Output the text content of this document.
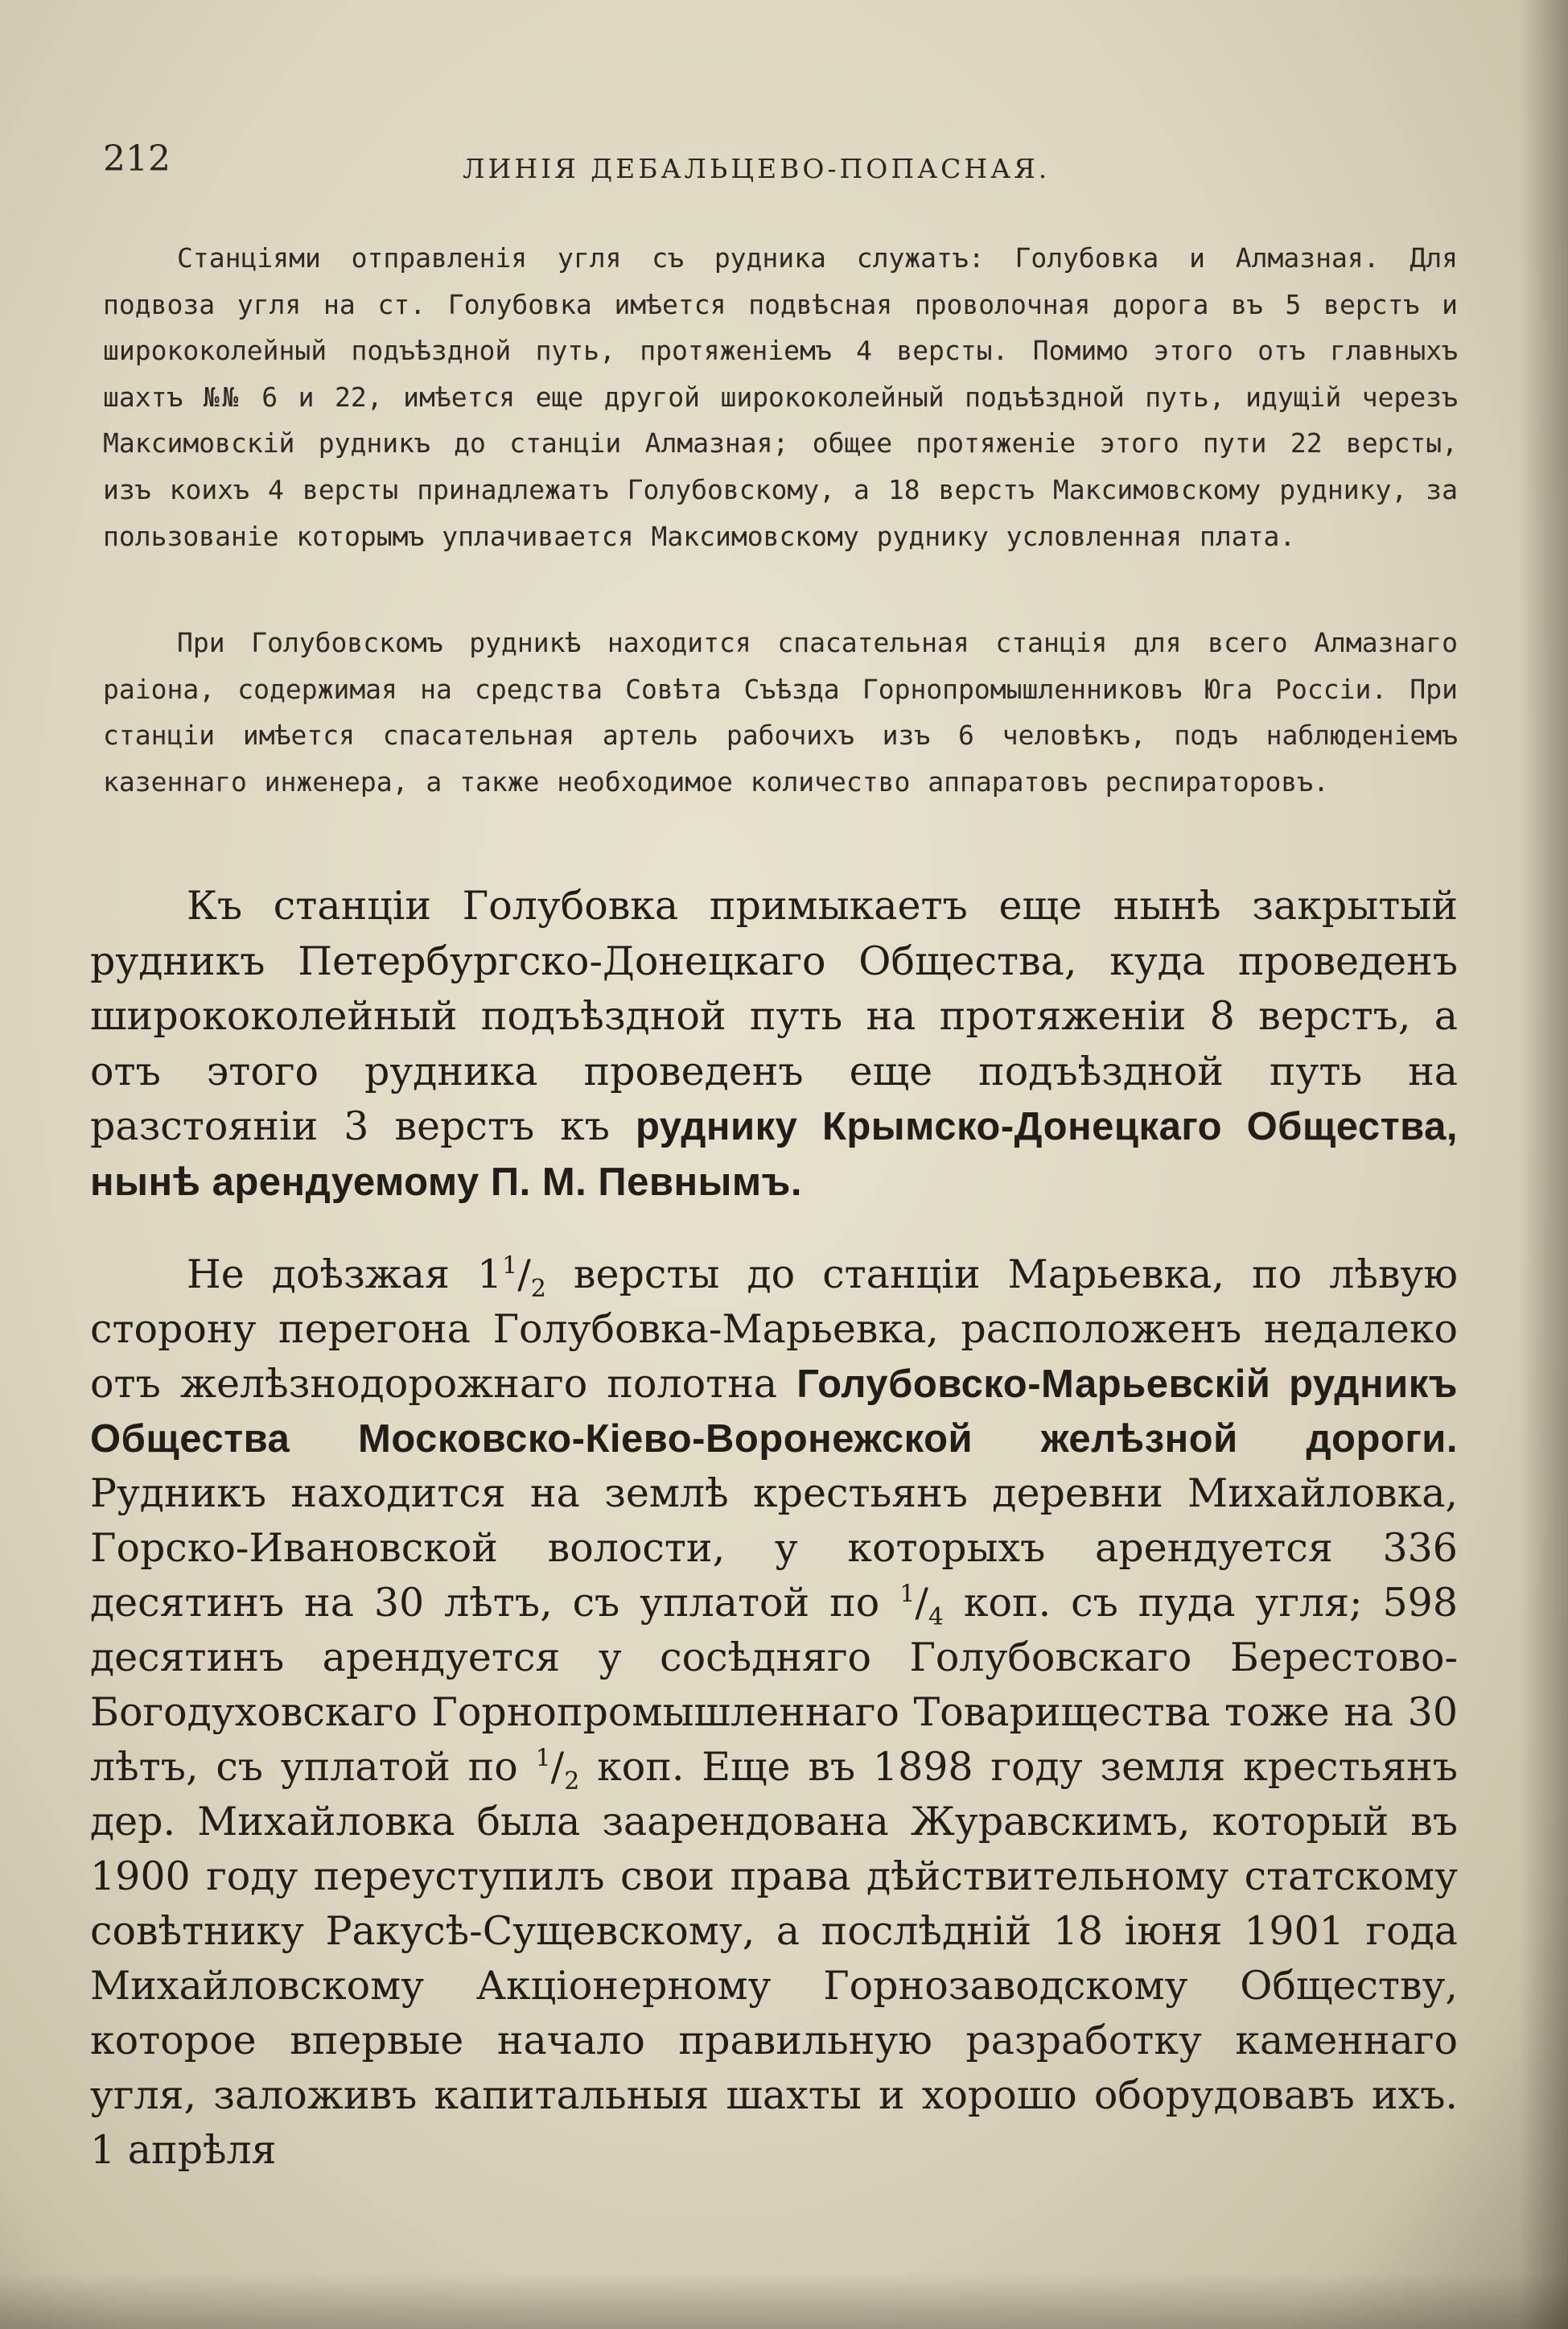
212	ЛИНІЯ ДЕБАЛЬЦЕВО-ПОПАСНАЯ.

Станціями отправленія угля съ рудника служатъ: Голубовка и Алмазная. Для подвоза угля на ст. Голубовка имѣется подвѣсная проволочная дорога въ 5 верстъ и ширококолейный подъѣздной путь, протяженіемъ 4 версты. Помимо этого отъ главныхъ шахтъ №№ 6 и 22, имѣется еще другой ширококолейный подъѣздной путь, идущій черезъ Максимовскій рудникъ до станціи Алмазная; общее протяженіе этого пути 22 версты, изъ коихъ 4 версты принадлежатъ Голубовскому, а 18 верстъ Максимовскому руднику, за пользованіе которымъ уплачивается Максимовскому руднику условленная плата.

При Голубовскомъ рудникѣ находится спасательная станція для всего Алмазнаго раіона, содержимая на средства Совѣта Съѣзда Горнопромышленниковъ Юга Россіи. При станціи имѣется спасательная артель рабочихъ изъ 6 человѣкъ, подъ наблюденіемъ казеннаго инженера, а также необходимое количество аппаратовъ респираторовъ.

Къ станціи Голубовка примыкаетъ еще нынѣ закрытый рудникъ Петербургско-Донецкаго Общества, куда проведенъ ширококолейный подъѣздной путь на протяженіи 8 верстъ, а отъ этого рудника проведенъ еще подъѣздной путь на разстояніи 3 верстъ къ руднику Крымско-Донецкаго Общества, нынѣ арендуемому П. М. Певнымъ.

Не доѣзжая $1^1/_2$ версты до станціи Марьевка, по лѣвую сторону перегона Голубовка-Марьевка, расположенъ недалеко отъ желѣзнодорожнаго полотна Голубовско-Марьевскій рудникъ Общества Московско-Кіево-Воронежской желѣзной дороги. Рудникъ находится на землѣ крестьянъ деревни Михайловка, Горско-Ивановской волости, у которыхъ арендуется 336 десятинъ на 30 лѣтъ, съ уплатой по $^1/_4$ коп. съ пуда угля; 598 десятинъ арендуется у сосѣдняго Голубовскаго Берестово-Богодуховскаго Горнопромышленнаго Товарищества тоже на 30 лѣтъ, съ уплатой по $^1/_2$ коп. Еще въ 1898 году земля крестьянъ дер. Михайловка была заарендована Журавскимъ, который въ 1900 году переуступилъ свои права дѣйствительному статскому совѣтнику Ракусѣ-Сущевскому, а послѣдній 18 іюня 1901 года Михайловскому Акціонерному Горнозаводскому Обществу, которое впервые начало правильную разработку каменнаго угля, заложивъ капитальныя шахты и хорошо оборудовавъ ихъ. 1 апрѣля
